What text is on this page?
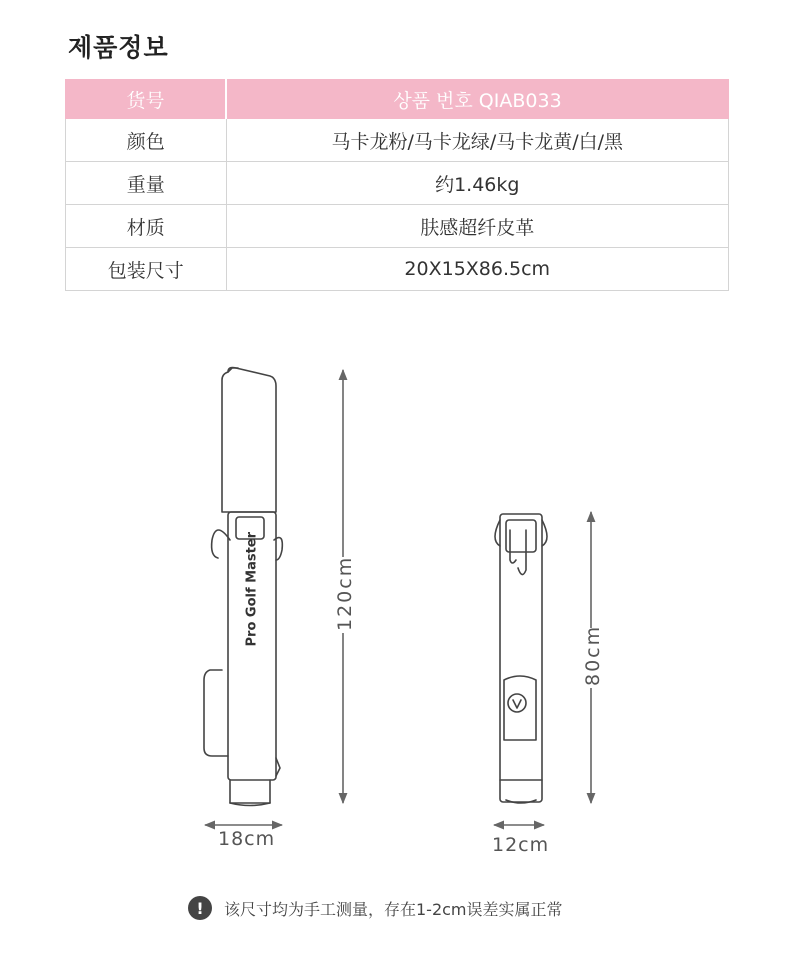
제품정보
货号	상품 번호 QIAB033
颜色	马卡龙粉/马卡龙绿/马卡龙黄/白/黑
重量	约1.46kg
材质	肤感超纤皮革
包装尺寸	20X15X86.5cm
Pro Golf Master	120cm
80cm
18cm	12cm
!	该尺寸均为手工测量，存在1-2cm误差实属正常
